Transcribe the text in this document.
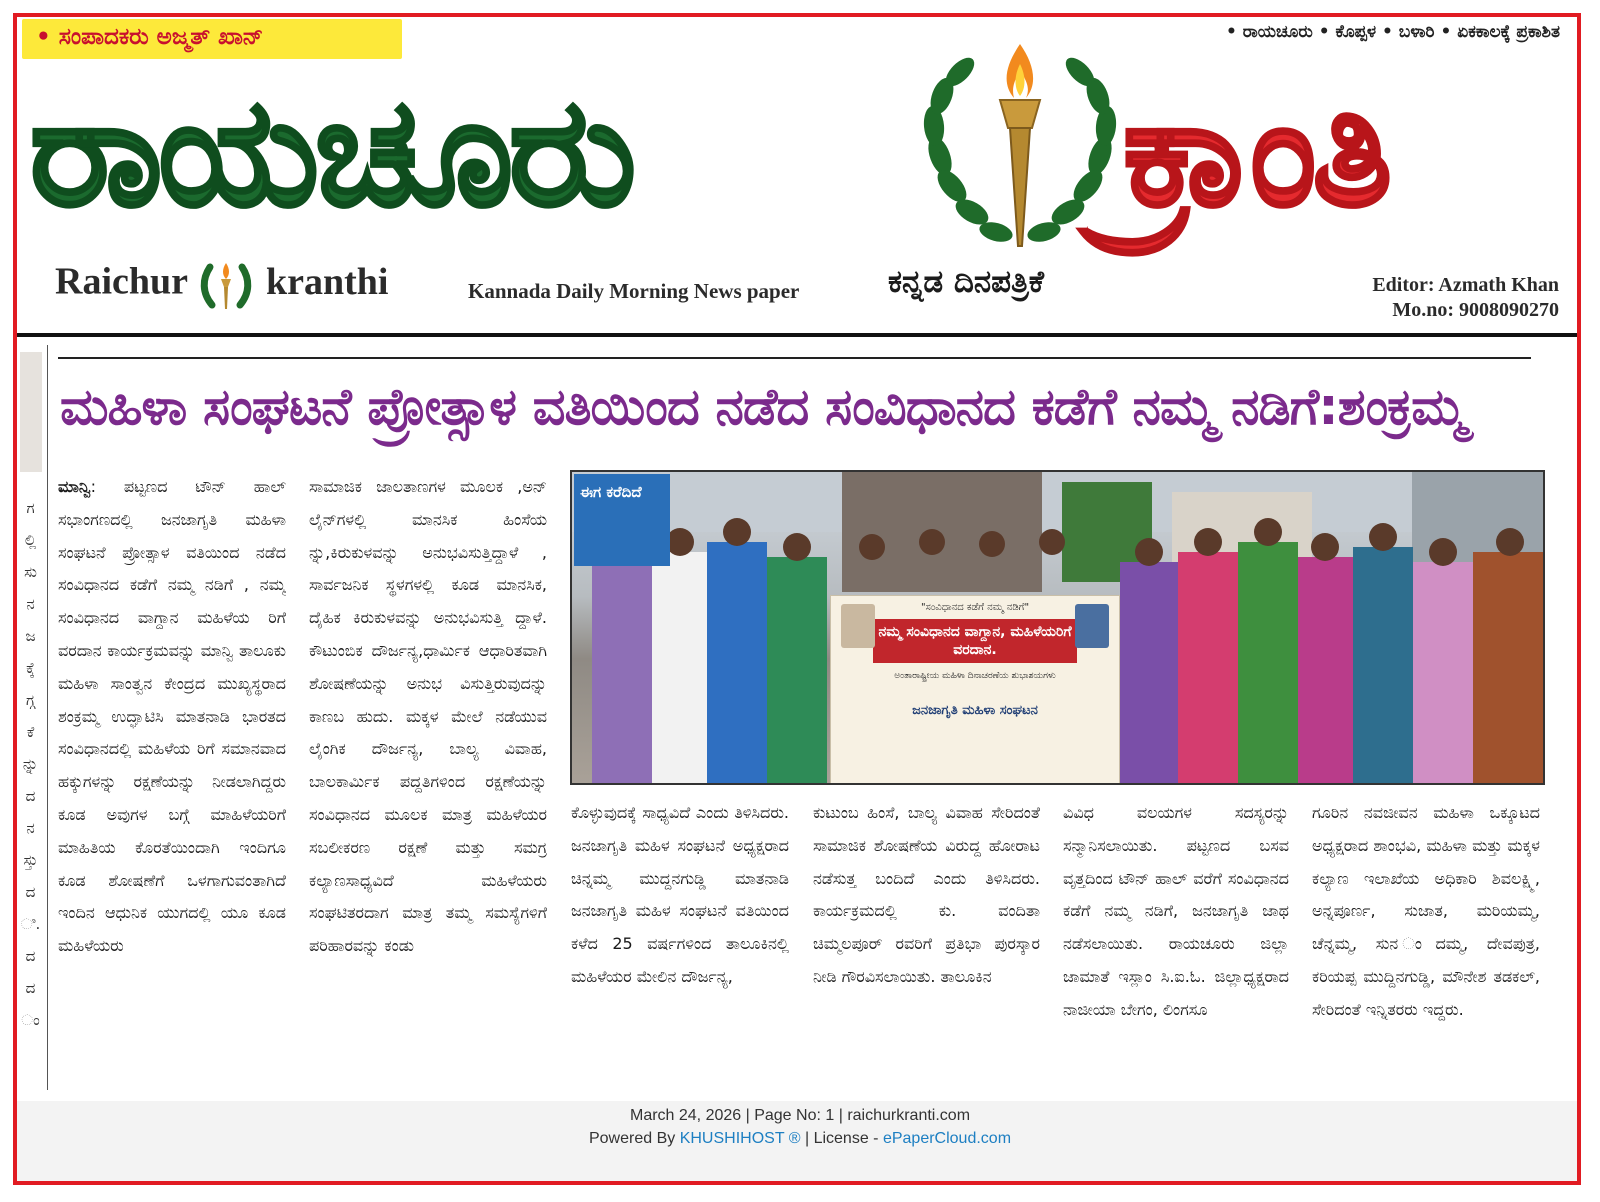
• ಸಂಪಾದಕರು ಅಜ್ಮತ್ ಖಾನ್	• ರಾಯಚೂರು • ಕೊಪ್ಪಳ • ಬಳಾರಿ • ಏಕಕಾಲಕ್ಕೆ ಪ್ರಕಾಶಿತ
ರಾಯಚೂರು	ಕ್ರಾಂತಿ
Raichur kranthi	Kannada Daily Morning News paper	ಕನ್ನಡ ದಿನಪತ್ರಿಕೆ	Editor: Azmath Khan
Mo.no: 9008090270
ಗ
ಲ್ಲಿ
ಸು
ನ
ಜ
ಕ್ಕೆ
ಗ್ಗ
ಕೆ
ನ್ನು
ದ
ನ
ಸ್ತು
ದ
ಿ.
ದ
ದ
ಂ
ಮಹಿಳಾ ಸಂಘಟನೆ ಪ್ರೋತ್ಸಾಳ ವತಿಯಿಂದ ನಡೆದ ಸಂವಿಧಾನದ ಕಡೆಗೆ ನಮ್ಮ ನಡಿಗೆ:ಶಂಕ್ರಮ್ಮ

ಮಾನ್ವಿ: ಪಟ್ಟಣದ ಟೌನ್ ಹಾಲ್ ಸಭಾಂಗಣದಲ್ಲಿ ಜನಜಾಗೃತಿ ಮಹಿಳಾ ಸಂಘಟನೆ ಪ್ರೋತ್ಸಾಳ ವತಿಯಿಂದ ನಡೆದ ಸಂವಿಧಾನದ ಕಡೆಗೆ ನಮ್ಮ ನಡಿಗೆ , ನಮ್ಮ ಸಂವಿಧಾನದ ವಾಗ್ದಾನ ಮಹಿಳೆಯ ರಿಗೆ ವರದಾನ ಕಾರ್ಯಕ್ರಮವನ್ನು ಮಾನ್ವಿ ತಾಲೂಕು ಮಹಿಳಾ ಸಾಂತ್ವನ ಕೇಂದ್ರದ ಮುಖ್ಯಸ್ಥರಾದ ಶಂಕ್ರಮ್ಮ ಉದ್ಘಾಟಿಸಿ ಮಾತನಾಡಿ ಭಾರತದ ಸಂವಿಧಾನದಲ್ಲಿ ಮಹಿಳೆಯ ರಿಗೆ ಸಮಾನವಾದ ಹಕ್ಕುಗಳನ್ನು ರಕ್ಷಣೆಯನ್ನು ನೀಡಲಾಗಿದ್ದರು ಕೂಡ ಅವುಗಳ ಬಗ್ಗೆ ಮಾಹಿಳೆಯರಿಗೆ ಮಾಹಿತಿಯ ಕೊರತೆಯಿಂದಾಗಿ ಇಂದಿಗೂ ಕೂಡ ಶೋಷಣೆಗೆ ಒಳಗಾಗುವಂತಾಗಿದೆ ಇಂದಿನ ಆಧುನಿಕ ಯುಗದಲ್ಲಿ ಯೂ ಕೂಡ ಮಹಿಳೆಯರು

ಸಾಮಾಜಿಕ ಜಾಲತಾಣಗಳ ಮೂಲಕ ,ಅನ್ ಲೈನ್‌ಗಳಲ್ಲಿ ಮಾನಸಿಕ ಹಿಂಸೆಯ ನ್ನು,ಕಿರುಕುಳವನ್ನು ಅನುಭವಿಸುತ್ತಿದ್ದಾಳೆ , ಸಾರ್ವಜನಿಕ ಸ್ಥಳಗಳಲ್ಲಿ ಕೂಡ ಮಾನಸಿಕ, ದೈಹಿಕ ಕಿರುಕುಳವನ್ನು ಅನುಭವಿಸುತ್ತಿ ದ್ದಾಳೆ. ಕೌಟುಂಬಿಕ ದೌರ್ಜನ್ಯ,ಧಾರ್ಮಿಕ ಆಧಾರಿತವಾಗಿ ಶೋಷಣೆಯನ್ನು ಅನುಭ ವಿಸುತ್ತಿರುವುದನ್ನು ಕಾಣಬ ಹುದು. ಮಕ್ಕಳ ಮೇಲೆ ನಡೆಯುವ ಲೈಂಗಿಕ ದೌರ್ಜನ್ಯ, ಬಾಲ್ಯ ವಿವಾಹ, ಬಾಲಕಾರ್ಮಿಕ ಪದ್ದತಿಗಳಿಂದ ರಕ್ಷಣೆಯನ್ನು ಸಂವಿಧಾನದ ಮೂಲಕ ಮಾತ್ರ ಮಹಿಳೆಯರ ಸಬಲೀಕರಣ ರಕ್ಷಣೆ ಮತ್ತು ಸಮಗ್ರ ಕಲ್ಯಾಣಸಾಧ್ಯವಿದೆ ಮಹಿಳೆಯರು ಸಂಘಟಿತರದಾಗ ಮಾತ್ರ ತಮ್ಮ ಸಮಸ್ಯೆಗಳಿಗೆ ಪರಿಹಾರವನ್ನು ಕಂಡು

ಈಗ ಕರೆದಿದೆ
"ಸಂವಿಧಾನದ ಕಡೆಗೆ ನಮ್ಮ ನಡಿಗೆ"
ನಮ್ಮ ಸಂವಿಧಾನದ ವಾಗ್ದಾನ, ಮಹಿಳೆಯರಿಗೆ ವರದಾನ.
ಅಂತಾರಾಷ್ಟ್ರೀಯ ಮಹಿಳಾ ದಿನಾಚರಣೆಯ ಶುಭಾಶಯಗಳು
ಜನಜಾಗೃತಿ ಮಹಿಳಾ ಸಂಘಟನ

ಕೊಳ್ಳುವುದಕ್ಕೆ ಸಾಧ್ಯವಿದೆ ಎಂದು ತಿಳಿಸಿದರು. ಜನಜಾಗೃತಿ ಮಹಿಳ ಸಂಘಟನೆ ಅಧ್ಯಕ್ಷರಾದ ಚಿನ್ನಮ್ಮ ಮುದ್ದನಗುಡ್ಡಿ ಮಾತನಾಡಿ ಜನಜಾಗೃತಿ ಮಹಿಳ ಸಂಘಟನೆ ವತಿಯಿಂದ ಕಳೆದ 25 ವರ್ಷಗಳಿಂದ ತಾಲೂಕಿನಲ್ಲಿ ಮಹಿಳೆಯರ ಮೇಲಿನ ದೌರ್ಜನ್ಯ,

ಕುಟುಂಬ ಹಿಂಸೆ, ಬಾಲ್ಯ ವಿವಾಹ ಸೇರಿದಂತೆ ಸಾಮಾಜಿಕ ಶೋಷಣೆಯ ವಿರುದ್ದ ಹೋರಾಟ ನಡೆಸುತ್ತ ಬಂದಿದೆ ಎಂದು ತಿಳಿಸಿದರು. ಕಾರ್ಯಕ್ರಮದಲ್ಲಿ ಕು. ವಂದಿತಾ ಚಿಮ್ಮಲಪೂರ್ ರವರಿಗೆ ಪ್ರತಿಭಾ ಪುರಸ್ಕಾರ ನೀಡಿ ಗೌರವಿಸಲಾಯಿತು. ತಾಲೂಕಿನ

ವಿವಿಧ ವಲಯಗಳ ಸದಸ್ಯರನ್ನು ಸನ್ಮಾನಿಸಲಾಯಿತು. ಪಟ್ಟಣದ ಬಸವ ವೃತ್ತದಿಂದ ಟೌನ್ ಹಾಲ್ ವರೆಗೆ ಸಂವಿಧಾನದ ಕಡೆಗೆ ನಮ್ಮ ನಡಿಗೆ, ಜನಜಾಗೃತಿ ಜಾಥ ನಡೆಸಲಾಯಿತು. ರಾಯಚೂರು ಜಿಲ್ಲಾ ಜಾಮಾತೆ ಇಸ್ಲಾಂ ಸಿ.ಐ.ಓ. ಜಿಲ್ಲಾಧ್ಯಕ್ಷರಾದ ನಾಜೀಯಾ ಬೇಗಂ, ಲಿಂಗಸೂ

ಗೂರಿನ ನವಜೀವನ ಮಹಿಳಾ ಒಕ್ಕೂಟದ ಅಧ್ಯಕ್ಷರಾದ ಶಾಂಭವಿ, ಮಹಿಳಾ ಮತ್ತು ಮಕ್ಕಳ ಕಲ್ಯಾಣ ಇಲಾಖೆಯ ಅಧಿಕಾರಿ ಶಿವಲಕ್ಷ್ಮಿ, ಅನ್ನಪೂರ್ಣ, ಸುಜಾತ, ಮರಿಯಮ್ಮ, ಚೆನ್ನಮ್ಮ, ಸುನ ಂದಮ್ಮ, ದೇವಪುತ್ರ, ಕರಿಯಪ್ಪ ಮುದ್ದಿನಗುಡ್ಡಿ, ಮೌನೇಶ ತಡಕಲ್, ಸೇರಿದಂತೆ ಇನ್ನಿತರರು ಇದ್ದರು.

March 24, 2026 | Page No: 1 | raichurkranti.com
Powered By KHUSHIHOST ® | License - ePaperCloud.com
